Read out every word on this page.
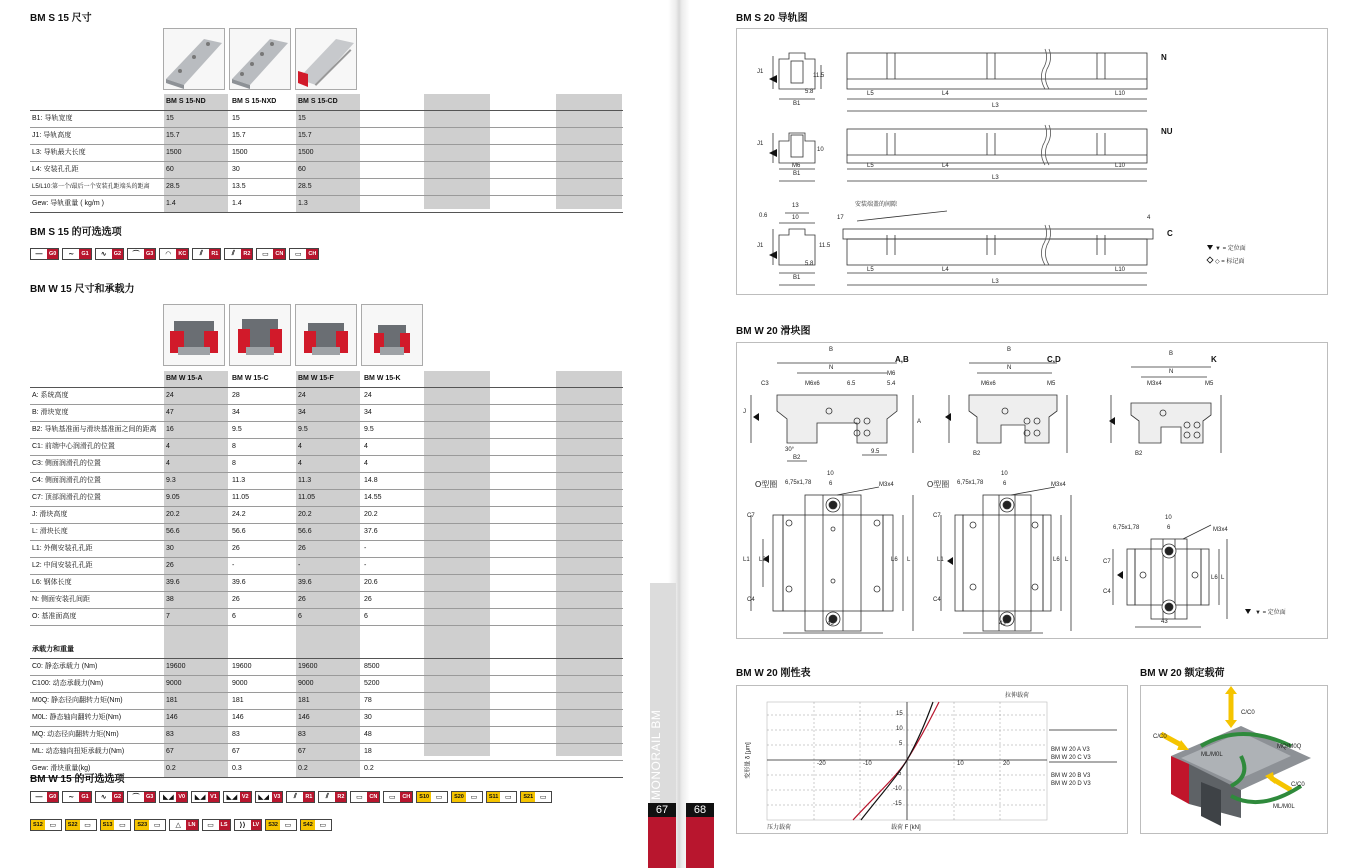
BM S 15 尺寸
BM S 15-ND	BM S 15-NXD	BM S 15-CD
B1: 导轨宽度	15	15	15
J1: 导轨高度	15.7	15.7	15.7
L3: 导轨最大长度	1500	1500	1500
L4: 安装孔孔距	60	30	60
L5/L10:第一个/最后一个安装孔距端头的距离	28.5	13.5	28.5
Gew: 导轨重量 ( kg/m )	1.4	1.4	1.3
BM S 15 的可选选项
—	G0	∼	G1	∿	G2	⌒	G3	◠	KC	⫽	R1	⫽	R2	▭	CN	▭	CH
BM W 15 尺寸和承载力
BM W 15-A	BM W 15-C	BM W 15-F	BM W 15-K
A: 系统高度	24	28	24	24
B: 滑块宽度	47	34	34	34
B2: 导轨基准面与滑块基准面之间的距离	16	9.5	9.5	9.5
C1: 前端中心润滑孔的位置	4	8	4	4
C3: 侧面润滑孔的位置	4	8	4	4
C4: 侧面润滑孔的位置	9.3	11.3	11.3	14.8
C7: 顶部润滑孔的位置	9.05	11.05	11.05	14.55
J: 滑块高度	20.2	24.2	20.2	20.2
L: 滑块长度	56.6	56.6	56.6	37.6
L1: 外侧安装孔孔距	30	26	26	-
L2: 中间安装孔孔距	26	-	-	-
L6: 钢体长度	39.6	39.6	39.6	20.6
N: 侧面安装孔间距	38	26	26	26
O: 基准面高度	7	6	6	6
承载力和重量
C0: 静态承载力 (Nm)	19600	19600	19600	8500
C100: 动态承载力(Nm)	9000	9000	9000	5200
M0Q: 静态径向翻转力矩(Nm)	181	181	181	78
M0L: 静态轴向翻转力矩(Nm)	146	146	146	30
MQ: 动态径向翻转力矩(Nm)	83	83	83	48
ML: 动态轴向扭矩承载力(Nm)	67	67	67	18
Gew: 滑块重量(kg)	0.2	0.3	0.2	0.2
BM W 15 的可选选项
—	G0	∼	G1	∿	G2	⌒	G3	◣◢ V0	◣◢ V1	◣◢ V2	◣◢ V3	⫽	R1	⫽	R2	▭	CN	▭	CH	S10 ▭	S20 ▭	S11 ▭	S21 ▭
S12 ▭	S22 ▭	S13 ▭	S23 ▭	△	LN	▭	LS	⟩⟩	LV	S32 ▭	S42 ▭
MONORAIL BM
67	68
BM S 20 导轨图
N
NU
C
安装端盖的间隙
▼ = 定位面
◇ = 标记面
B1
B1
B1
J1
J1
J1
5.8
5.8
11.5
11.5
10
10
M6
13
17
0.6	4
L5	L4	L10
L3
L5	L4	L10
L3
L5	L4	L10
L3
BM W 20 滑块图
A,B	C,D	K
B
N
M6x6
M6
6.5	5.4
30°
B2
9.5
J
A
C3
B
N
M6x6	M5
B2
B
N
M3x4	M5
B2
O型圈 6,75x1,78	M3x4
10
6	O型圈 6,75x1,78	M3x4
10
6
6,75x1,78	M3x4
10
6
43	43	43
L1 L2	L6 L
C7
C4
L1	L6 L
C7
C4
L6 L
C7
C4
▼ = 定位面
BM W 20 刚性表	BM W 20 额定载荷
拉伸载荷
压力载荷	载荷 F [kN]
变形量 δ [μm]	-20	-10	10	20
15
10
5
-5
-10
-15
BM W 20 A V3
BM W 20 C V3
BM W 20 B V3
BM W 20 D V3
C/C0
C/C0
C/C0
MQ/M0Q
ML/M0L
ML/M0L
